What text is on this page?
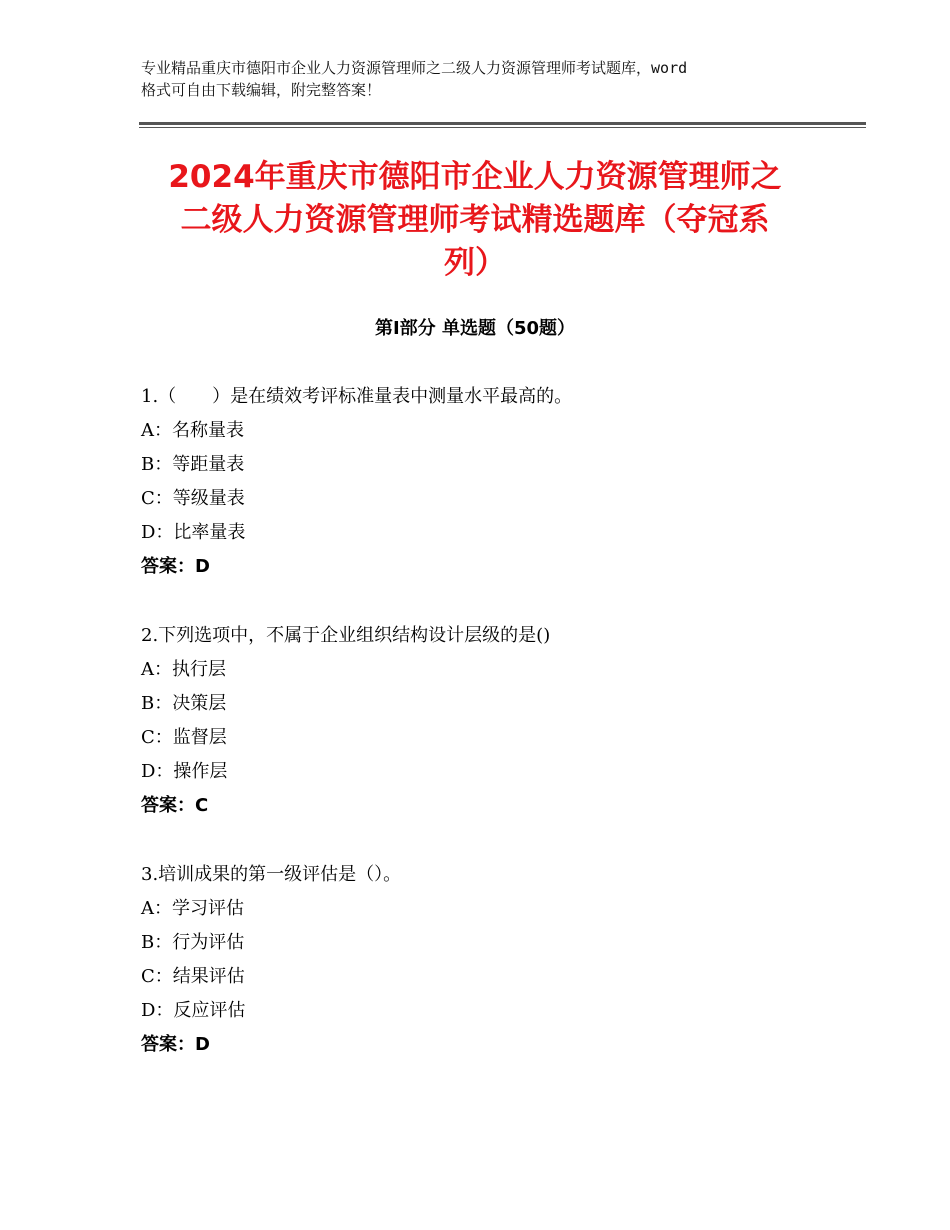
专业精品重庆市德阳市企业人力资源管理师之二级人力资源管理师考试题库，word
格式可自由下载编辑，附完整答案！
2024年重庆市德阳市企业人力资源管理师之
二级人力资源管理师考试精选题库（夺冠系
列）
第Ⅰ部分 单选题（50题）
1.（　　）是在绩效考评标准量表中测量水平最高的。
A：名称量表
B：等距量表
C：等级量表
D：比率量表
答案：D
2.下列选项中，不属于企业组织结构设计层级的是()
A：执行层
B：决策层
C：监督层
D：操作层
答案：C
3.培训成果的第一级评估是（）。
A：学习评估
B：行为评估
C：结果评估
D：反应评估
答案：D
